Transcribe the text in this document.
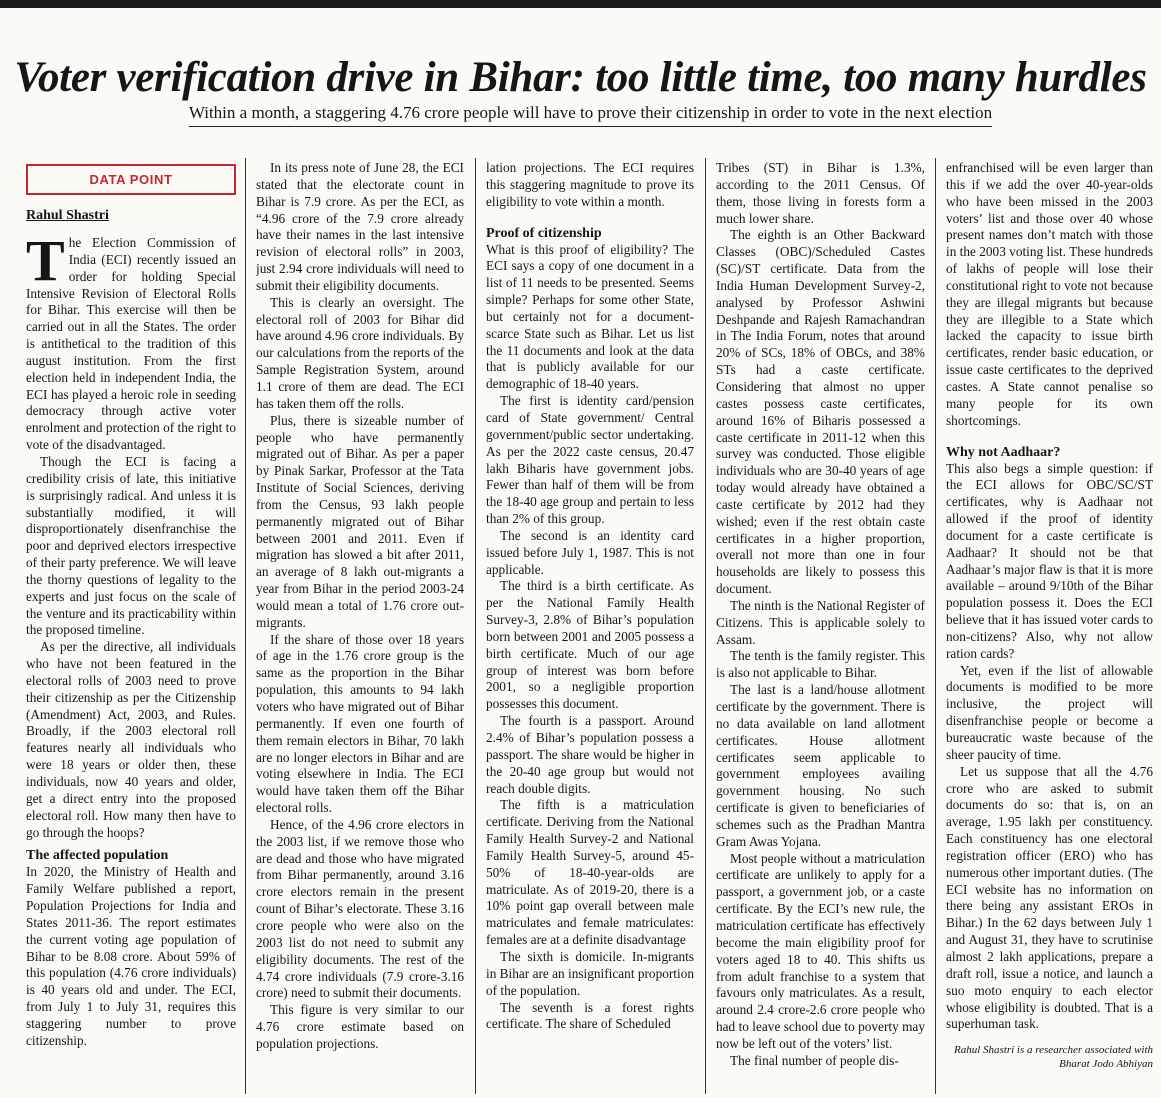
Voter verification drive in Bihar: too little time, too many hurdles
Within a month, a staggering 4.76 crore people will have to prove their citizenship in order to vote in the next election
DATA POINT
Rahul Shastri

The Election Commission of India (ECI) recently issued an order for holding Special Intensive Revision of Electoral Rolls for Bihar. This exercise will then be carried out in all the States. The order is antithetical to the tradition of this august institution. From the first election held in independent India, the ECI has played a heroic role in seeding democracy through active voter enrolment and protection of the right to vote of the disadvantaged.

Though the ECI is facing a credibility crisis of late, this initiative is surprisingly radical. And unless it is substantially modified, it will disproportionately disenfranchise the poor and deprived electors irrespective of their party preference. We will leave the thorny questions of legality to the experts and just focus on the scale of the venture and its practicability within the proposed timeline.

As per the directive, all individuals who have not been featured in the electoral rolls of 2003 need to prove their citizenship as per the Citizenship (Amendment) Act, 2003, and Rules. Broadly, if the 2003 electoral roll features nearly all individuals who were 18 years or older then, these individuals, now 40 years and older, get a direct entry into the proposed electoral roll. How many then have to go through the hoops?

The affected population

In 2020, the Ministry of Health and Family Welfare published a report, Population Projections for India and States 2011-36. The report estimates the current voting age population of Bihar to be 8.08 crore. About 59% of this population (4.76 crore individuals) is 40 years old and under. The ECI, from July 1 to July 31, requires this staggering number to prove citizenship.

In its press note of June 28, the ECI stated that the electorate count in Bihar is 7.9 crore. As per the ECI, as “4.96 crore of the 7.9 crore already have their names in the last intensive revision of electoral rolls” in 2003, just 2.94 crore individuals will need to submit their eligibility documents.

This is clearly an oversight. The electoral roll of 2003 for Bihar did have around 4.96 crore individuals. By our calculations from the reports of the Sample Registration System, around 1.1 crore of them are dead. The ECI has taken them off the rolls.

Plus, there is sizeable number of people who have permanently migrated out of Bihar. As per a paper by Pinak Sarkar, Professor at the Tata Institute of Social Sciences, deriving from the Census, 93 lakh people permanently migrated out of Bihar between 2001 and 2011. Even if migration has slowed a bit after 2011, an average of 8 lakh out-migrants a year from Bihar in the period 2003-24 would mean a total of 1.76 crore out-migrants.

If the share of those over 18 years of age in the 1.76 crore group is the same as the proportion in the Bihar population, this amounts to 94 lakh voters who have migrated out of Bihar permanently. If even one fourth of them remain electors in Bihar, 70 lakh are no longer electors in Bihar and are voting elsewhere in India. The ECI would have taken them off the Bihar electoral rolls.

Hence, of the 4.96 crore electors in the 2003 list, if we remove those who are dead and those who have migrated from Bihar permanently, around 3.16 crore electors remain in the present count of Bihar’s electorate. These 3.16 crore people who were also on the 2003 list do not need to submit any eligibility documents. The rest of the 4.74 crore individuals (7.9 crore-3.16 crore) need to submit their documents.

This figure is very similar to our 4.76 crore estimate based on population projections.

lation projections. The ECI requires this staggering magnitude to prove its eligibility to vote within a month.

Proof of citizenship

What is this proof of eligibility? The ECI says a copy of one document in a list of 11 needs to be presented. Seems simple? Perhaps for some other State, but certainly not for a document-scarce State such as Bihar. Let us list the 11 documents and look at the data that is publicly available for our demographic of 18-40 years.

The first is identity card/pension card of State government/ Central government/public sector undertaking. As per the 2022 caste census, 20.47 lakh Biharis have government jobs. Fewer than half of them will be from the 18-40 age group and pertain to less than 2% of this group.

The second is an identity card issued before July 1, 1987. This is not applicable.

The third is a birth certificate. As per the National Family Health Survey-3, 2.8% of Bihar’s population born between 2001 and 2005 possess a birth certificate. Much of our age group of interest was born before 2001, so a negligible proportion possesses this document.

The fourth is a passport. Around 2.4% of Bihar’s population possess a passport. The share would be higher in the 20-40 age group but would not reach double digits.

The fifth is a matriculation certificate. Deriving from the National Family Health Survey-2 and National Family Health Survey-5, around 45-50% of 18-40-year-olds are matriculate. As of 2019-20, there is a 10% point gap overall between male matriculates and female matriculates: females are at a definite disadvantage

The sixth is domicile. In-migrants in Bihar are an insignificant proportion of the population.

The seventh is a forest rights certificate. The share of Scheduled

Tribes (ST) in Bihar is 1.3%, according to the 2011 Census. Of them, those living in forests form a much lower share.

The eighth is an Other Backward Classes (OBC)/Scheduled Castes (SC)/ST certificate. Data from the India Human Development Survey-2, analysed by Professor Ashwini Deshpande and Rajesh Ramachandran in The India Forum, notes that around 20% of SCs, 18% of OBCs, and 38% STs had a caste certificate. Considering that almost no upper castes possess caste certificates, around 16% of Biharis possessed a caste certificate in 2011-12 when this survey was conducted. Those eligible individuals who are 30-40 years of age today would already have obtained a caste certificate by 2012 had they wished; even if the rest obtain caste certificates in a higher proportion, overall not more than one in four households are likely to possess this document.

The ninth is the National Register of Citizens. This is applicable solely to Assam.

The tenth is the family register. This is also not applicable to Bihar.

The last is a land/house allotment certificate by the government. There is no data available on land allotment certificates. House allotment certificates seem applicable to government employees availing government housing. No such certificate is given to beneficiaries of schemes such as the Pradhan Mantra Gram Awas Yojana.

Most people without a matriculation certificate are unlikely to apply for a passport, a government job, or a caste certificate. By the ECI’s new rule, the matriculation certificate has effectively become the main eligibility proof for voters aged 18 to 40. This shifts us from adult franchise to a system that favours only matriculates. As a result, around 2.4 crore-2.6 crore people who had to leave school due to poverty may now be left out of the voters’ list.

The final number of people dis-

enfranchised will be even larger than this if we add the over 40-year-olds who have been missed in the 2003 voters’ list and those over 40 whose present names don’t match with those in the 2003 voting list. These hundreds of lakhs of people will lose their constitutional right to vote not because they are illegal migrants but because they are illegible to a State which lacked the capacity to issue birth certificates, render basic education, or issue caste certificates to the deprived castes. A State cannot penalise so many people for its own shortcomings.

Why not Aadhaar?

This also begs a simple question: if the ECI allows for OBC/SC/ST certificates, why is Aadhaar not allowed if the proof of identity document for a caste certificate is Aadhaar? It should not be that Aadhaar’s major flaw is that it is more available – around 9/10th of the Bihar population possess it. Does the ECI believe that it has issued voter cards to non-citizens? Also, why not allow ration cards?

Yet, even if the list of allowable documents is modified to be more inclusive, the project will disenfranchise people or become a bureaucratic waste because of the sheer paucity of time.

Let us suppose that all the 4.76 crore who are asked to submit documents do so: that is, on an average, 1.95 lakh per constituency. Each constituency has one electoral registration officer (ERO) who has numerous other important duties. (The ECI website has no information on there being any assistant EROs in Bihar.) In the 62 days between July 1 and August 31, they have to scrutinise almost 2 lakh applications, prepare a draft roll, issue a notice, and launch a suo moto enquiry to each elector whose eligibility is doubted. That is a superhuman task.

Rahul Shastri is a researcher associated with Bharat Jodo Abhiyan
